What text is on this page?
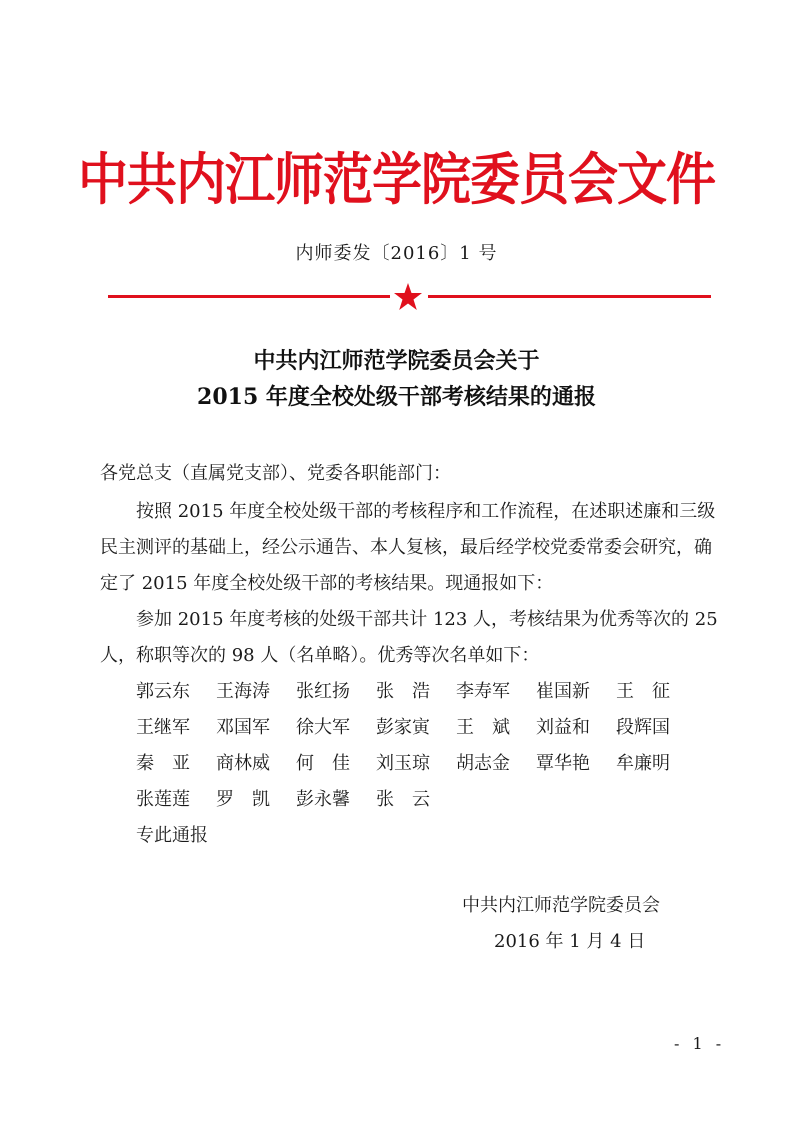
中共内江师范学院委员会文件
内师委发〔2016〕1 号
中共内江师范学院委员会关于
2015 年度全校处级干部考核结果的通报
各党总支（直属党支部）、党委各职能部门：
按照 2015 年度全校处级干部的考核程序和工作流程，在述职述廉和三级民主测评的基础上，经公示通告、本人复核，最后经学校党委常委会研究，确定了 2015 年度全校处级干部的考核结果。现通报如下：
参加 2015 年度考核的处级干部共计 123 人，考核结果为优秀等次的 25 人，称职等次的 98 人（名单略）。优秀等次名单如下：
郭云东	王海涛	张红扬	张浩 李寿军	崔国新	王征
王继军	邓国军	徐大军	彭家寅	王斌 刘益和	段辉国
秦亚 商林威	何佳 刘玉琼	胡志金	覃华艳	牟廉明
张莲莲	罗凯 彭永馨	张云
专此通报
中共内江师范学院委员会
2016 年 1 月 4 日
- 1 -
